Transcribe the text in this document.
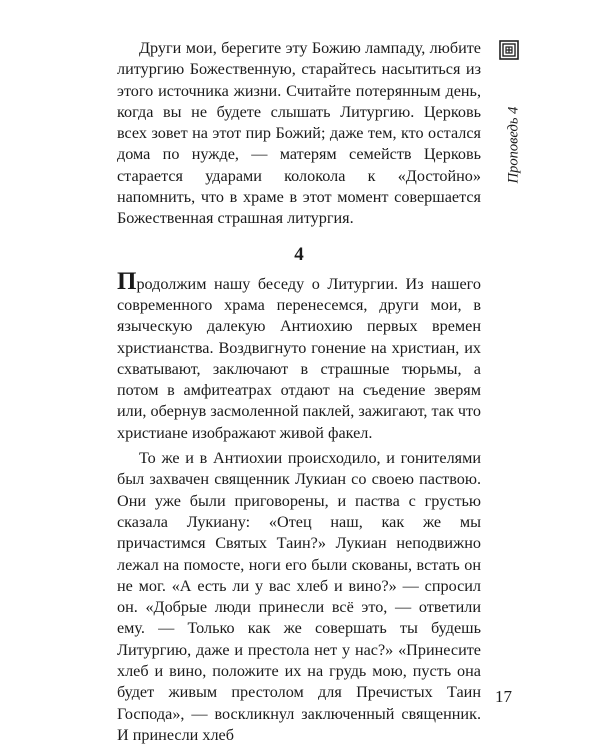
Проповедь 4

Други мои, берегите эту Божию лампаду, любите литургию Божественную, старайтесь насытиться из этого источника жизни. Считайте потерянным день, когда вы не будете слышать Литургию. Церковь всех зовет на этот пир Божий; даже тем, кто остался дома по нужде, — матерям семейств Церковь старается ударами колокола к «Достойно» напомнить, что в храме в этот момент совершается Божественная страшная литургия.

4

Продолжим нашу беседу о Литургии. Из нашего современного храма перенесемся, други мои, в языческую далекую Антиохию первых времен христианства. Воздвигнуто гонение на христиан, их схватывают, заключают в страшные тюрьмы, а потом в амфитеатрах отдают на съедение зверям или, обернув засмоленной паклей, зажигают, так что христиане изображают живой факел.

То же и в Антиохии происходило, и гонителями был захвачен священник Лукиан со своею паствою. Они уже были приговорены, и паства с грустью сказала Лукиану: «Отец наш, как же мы причастимся Святых Таин?» Лукиан неподвижно лежал на помосте, ноги его были скованы, встать он не мог. «А есть ли у вас хлеб и вино?» — спросил он. «Добрые люди принесли всё это, — ответили ему. — Только как же совершать ты будешь Литургию, даже и престола нет у нас?» «Принесите хлеб и вино, положите их на грудь мою, пусть она будет живым престолом для Пречистых Таин Господа», — воскликнул заключенный священник. И принесли хлеб

17
